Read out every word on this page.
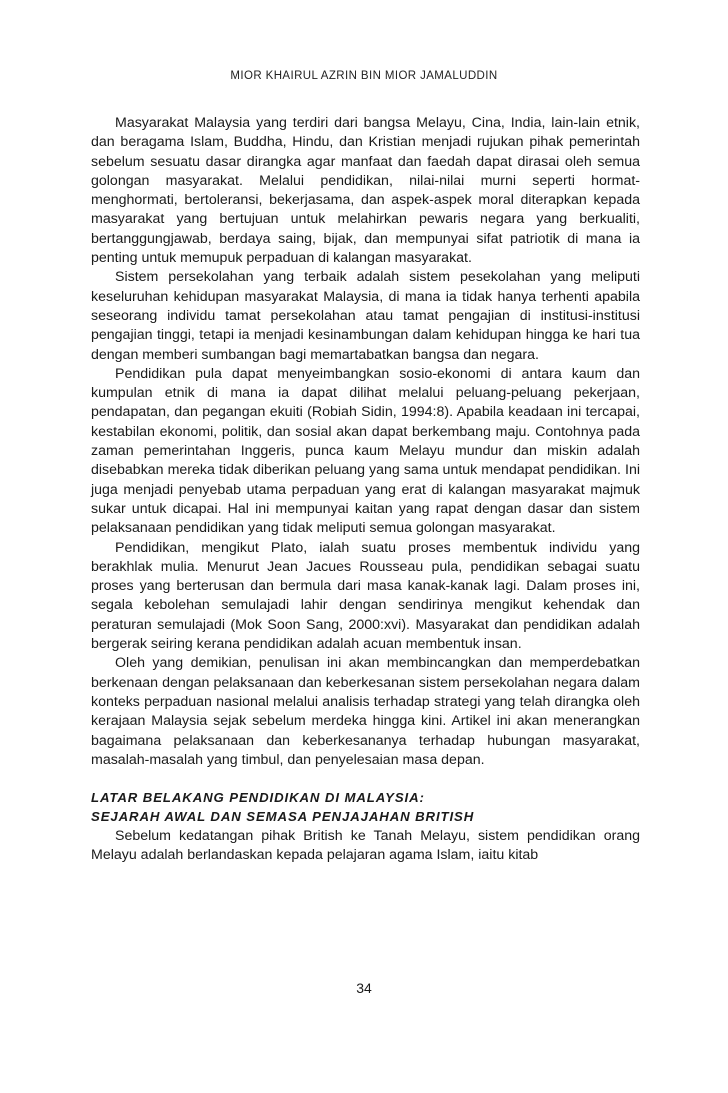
MIOR KHAIRUL AZRIN BIN MIOR JAMALUDDIN

Masyarakat Malaysia yang terdiri dari bangsa Melayu, Cina, India, lain-lain etnik, dan beragama Islam, Buddha, Hindu, dan Kristian menjadi rujukan pihak pemerintah sebelum sesuatu dasar dirangka agar manfaat dan faedah dapat dirasai oleh semua golongan masyarakat. Melalui pendidikan, nilai-nilai murni seperti hormat-menghormati, bertoleransi, bekerjasama, dan aspek-aspek moral diterapkan kepada masyarakat yang bertujuan untuk melahirkan pewaris negara yang berkualiti, bertanggungjawab, berdaya saing, bijak, dan mempunyai sifat patriotik di mana ia penting untuk memupuk perpaduan di kalangan masyarakat.

Sistem persekolahan yang terbaik adalah sistem pesekolahan yang meliputi keseluruhan kehidupan masyarakat Malaysia, di mana ia tidak hanya terhenti apabila seseorang individu tamat persekolahan atau tamat pengajian di institusi-institusi pengajian tinggi, tetapi ia menjadi kesinambungan dalam kehidupan hingga ke hari tua dengan memberi sumbangan bagi memartabatkan bangsa dan negara.

Pendidikan pula dapat menyeimbangkan sosio-ekonomi di antara kaum dan kumpulan etnik di mana ia dapat dilihat melalui peluang-peluang pekerjaan, pendapatan, dan pegangan ekuiti (Robiah Sidin, 1994:8). Apabila keadaan ini tercapai, kestabilan ekonomi, politik, dan sosial akan dapat berkembang maju. Contohnya pada zaman pemerintahan Inggeris, punca kaum Melayu mundur dan miskin adalah disebabkan mereka tidak diberikan peluang yang sama untuk mendapat pendidikan. Ini juga menjadi penyebab utama perpaduan yang erat di kalangan masyarakat majmuk sukar untuk dicapai. Hal ini mempunyai kaitan yang rapat dengan dasar dan sistem pelaksanaan pendidikan yang tidak meliputi semua golongan masyarakat.

Pendidikan, mengikut Plato, ialah suatu proses membentuk individu yang berakhlak mulia. Menurut Jean Jacues Rousseau pula, pendidikan sebagai suatu proses yang berterusan dan bermula dari masa kanak-kanak lagi. Dalam proses ini, segala kebolehan semulajadi lahir dengan sendirinya mengikut kehendak dan peraturan semulajadi (Mok Soon Sang, 2000:xvi). Masyarakat dan pendidikan adalah bergerak seiring kerana pendidikan adalah acuan membentuk insan.

Oleh yang demikian, penulisan ini akan membincangkan dan memperdebatkan berkenaan dengan pelaksanaan dan keberkesanan sistem persekolahan negara dalam konteks perpaduan nasional melalui analisis terhadap strategi yang telah dirangka oleh kerajaan Malaysia sejak sebelum merdeka hingga kini. Artikel ini akan menerangkan bagaimana pelaksanaan dan keberkesananya terhadap hubungan masyarakat, masalah-masalah yang timbul, dan penyelesaian masa depan.

LATAR BELAKANG PENDIDIKAN DI MALAYSIA:
SEJARAH AWAL DAN SEMASA PENJAJAHAN BRITISH

Sebelum kedatangan pihak British ke Tanah Melayu, sistem pendidikan orang Melayu adalah berlandaskan kepada pelajaran agama Islam, iaitu kitab

34
